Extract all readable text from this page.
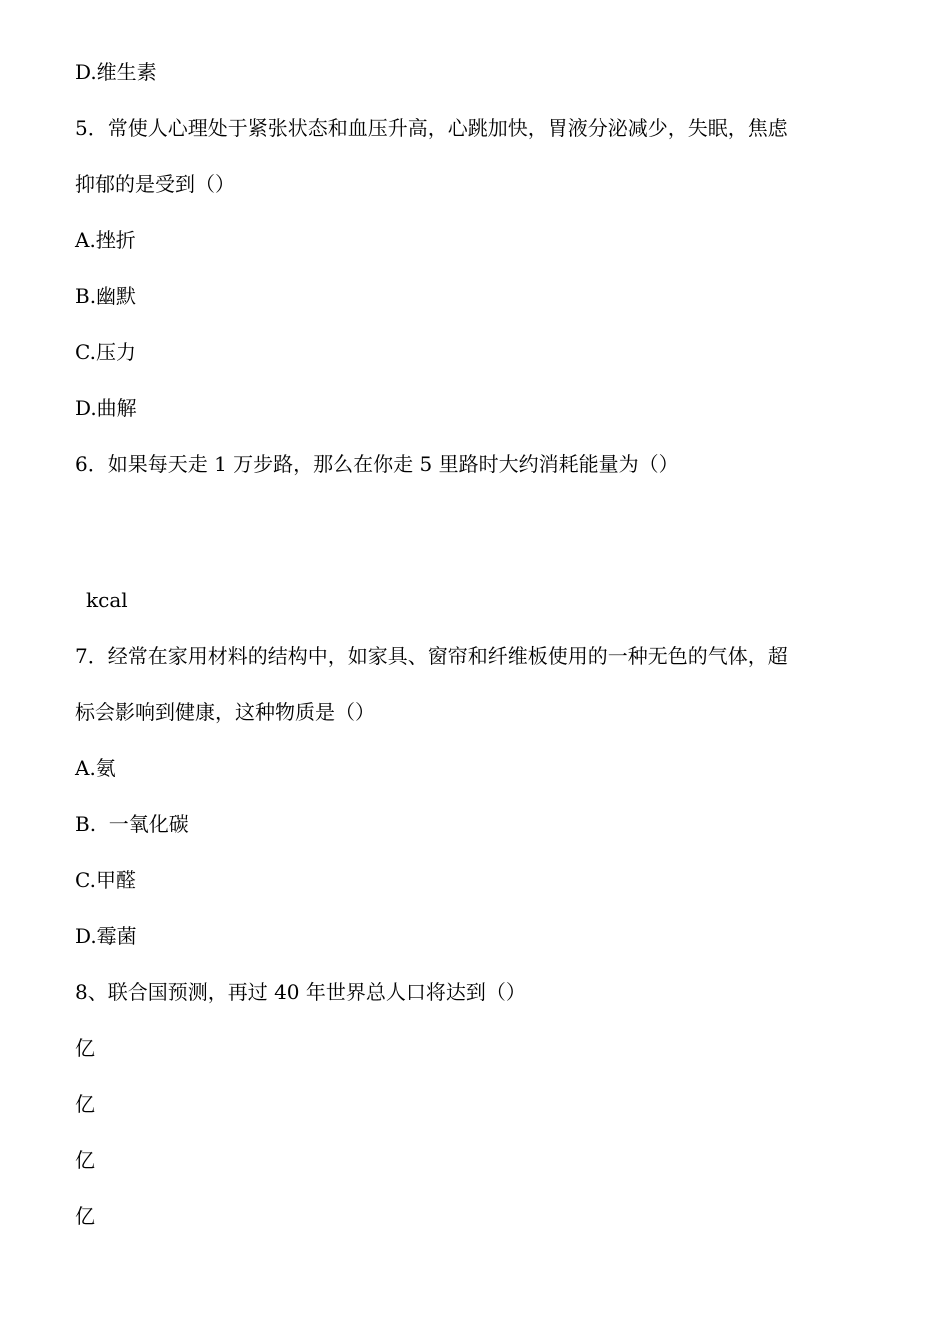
D.维生素
5．常使人心理处于紧张状态和血压升高，心跳加快，胃液分泌减少，失眠，焦虑
抑郁的是受到（）
A.挫折
B.幽默
C.压力
D.曲解
6．如果每天走 1 万步路，那么在你走 5 里路时大约消耗能量为（）
kcal
7．经常在家用材料的结构中，如家具、窗帘和纤维板使用的一种无色的气体，超
标会影响到健康，这种物质是（）
A.氨
B.  一氧化碳
C.甲醛
D.霉菌
8、联合国预测，再过 40 年世界总人口将达到（）
亿
亿
亿
亿
